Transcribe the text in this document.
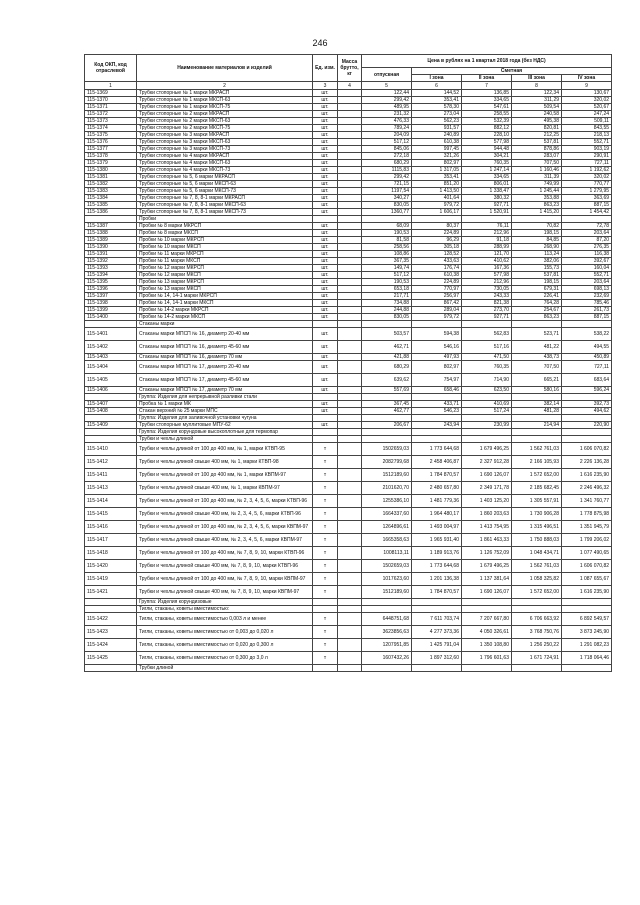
246
Код ОКП, код отраслевой	Наименование материалов и изделий	Ед. изм.	Масса брутто, кг	Цена в рублях на 1 квартал 2018 года (без НДС)				
				отпускная	Сметная			
					I зона	II зона	III зона	IV зона
1	2	3	4	5	6	7	8	9
115-1369	Трубки стопорные № 1 марки МКРАСП	шт.		122,44	144,52	136,85	122,34	130,67
115-1370	Трубки стопорные № 1 марки МКСП-63	шт.		299,42	353,41	334,65	311,29	320,02
115-1371	Трубки стопорные № 1 марки МКСП-75	шт.		489,95	578,30	547,61	509,54	520,67
115-1372	Трубки стопорные № 2 марки МКРАСП	шт.		231,32	273,04	258,55	240,58	247,24
115-1373	Трубки стопорные № 2 марки МКСП-63	шт.		476,33	562,23	532,39	495,38	509,11
115-1374	Трубки стопорные № 2 марки МКСП-75	шт.		789,24	931,57	882,12	820,81	843,55
115-1375	Трубки стопорные № 3 марки МКРАСП	шт.		204,09	240,89	228,10	212,25	218,13
115-1376	Трубки стопорные № 3 марки МКСП-63	шт.		517,12	610,38	577,98	537,81	552,71
115-1377	Трубки стопорные № 3 марки МКСП-73	шт.		845,06	997,45	944,48	878,86	903,19
115-1378	Трубки стопорные № 4 марки МКРАСП	шт.		272,18	321,26	304,21	283,07	290,91
115-1379	Трубки стопорные № 4 марки МКСП-63	шт.		680,29	802,97	760,35	707,50	727,11
115-1380	Трубки стопорные № 4 марки МКСП-73	шт.		1115,83	1 317,05	1 247,14	1 160,46	1 192,62
115-1381	Трубки стопорные № 5, 6 марки МКРАСП	шт.		299,42	353,41	334,65	311,39	320,02
115-1382	Трубки стопорные № 5, 6 марки МКСП-63	шт.		721,15	851,20	806,01	749,99	770,77
115-1383	Трубки стопорные № 5, 6 марки МКСП-73	шт.		1197,54	1 413,50	1 338,47	1 245,44	1 279,95
115-1384	Трубки стопорные № 7, 8, 8-1 марки МКРАСП	шт.		340,27	401,64	380,32	353,88	363,69
115-1385	Трубки стопорные № 7, 8, 8-1 марки МКСП-63	шт.		830,05	979,72	927,71	863,23	887,15
115-1386	Трубки стопорные № 7, 8, 8-1 марки МКСП-73	шт.		1360,77	1 606,17	1 520,91	1 415,20	1 454,42
	Пробки							
115-1387	Пробки № 8 марки МКРСП	шт.		68,09	80,37	76,11	70,82	72,78
115-1388	Пробки № 8 марки МКСП	шт.		190,53	224,89	212,96	198,15	203,64
115-1389	Пробки № 10 марки МКРСП	шт.		81,58	96,29	91,18	84,85	87,20
115-1390	Пробки № 10 марки МКСП	шт.		258,56	305,18	288,99	268,90	276,35
115-1391	Пробки № 11 марки МКРСП	шт.		108,86	128,52	121,70	113,24	116,38
115-1392	Пробки № 11 марки МКСП	шт.		367,35	433,63	410,62	382,06	392,67
115-1393	Пробки № 12 марки МКРСП	шт.		149,74	176,74	167,36	155,73	160,04
115-1394	Пробки № 12 марки МКСП	шт.		517,12	610,38	577,98	537,81	552,71
115-1395	Пробки № 13 марки МКРСП	шт.		190,53	224,89	212,96	198,15	203,64
115-1396	Пробки № 13 марки МКСП	шт.		653,18	770,97	730,05	679,31	698,13
115-1397	Пробки № 14, 14-1 марки МКРСП	шт.		217,71	256,97	243,33	226,41	232,69
115-1398	Пробки № 14, 14-1 марки МКСП	шт.		734,88	867,42	821,38	764,28	785,46
115-1399	Пробки № 14-2 марки МКРСП	шт.		244,88	289,04	273,70	254,67	261,73
115-1400	Пробки № 14-2 марки МКСП	шт.		830,05	979,72	927,71	863,23	887,15
	Стаканы марки							
115-1401	Стаканы марки МПСП № 16, диаметр 20-40 мм	шт.		503,57	594,38	562,83	523,71	538,22
115-1402	Стаканы марки МПСП № 16, диаметр 45-60 мм	шт.		462,71	546,16	517,16	481,22	494,55
115-1403	Стаканы марки МПСП № 16, диаметр 70 мм	шт.		421,88	497,93	471,50	438,73	450,89
115-1404	Стаканы марки МПСП № 17, диаметр 20-40 мм	шт.		680,29	802,97	760,35	707,50	727,11
115-1405	Стаканы марки МПСП № 17, диаметр 45-60 мм	шт.		639,62	754,97	714,90	665,21	683,64
115-1406	Стаканы марки МПСП № 17, диаметр 70 мм	шт.		557,69	658,46	623,50	580,16	596,24
	Группа: Изделия для непрерывной разливки стали							
115-1407	Пробка № 1 марки МК	шт.		367,45	433,71	410,69	382,14	392,73
115-1408	Стакан верхний № 25 марки МПС	шт.		462,77	546,23	517,24	481,28	494,62
	Группа: Изделия для заливочной установки чугуна							
115-1409	Трубки стопорные муллитовые МПУ-62	шт.		206,67	243,94	230,99	214,94	220,90
	Группа: Изделия корундовые высокоплотные для термопар							
	Трубки и чехлы длиной							
115-1410	Трубки и чехлы длиной от 100 до 400 мм, № 1, марки КТВП-95	т		1502659,03	1 773 644,68	1 679 496,25	1 562 761,03	1 606 070,82
115-1412	Трубки и чехлы длиной свыше 400 мм, № 1, марки КТВП-98	т		2082799,68	2 458 406,87	2 327 912,28	2 166 105,93	2 226 136,28
115-1411	Трубки и чехлы длиной от 100 до 400 мм, № 1, марки КВПМ-97	т		1512189,60	1 784 870,57	1 690 126,07	1 572 652,00	1 616 235,90
115-1413	Трубки и чехлы длиной свыше 400 мм, № 1, марки КВПМ-97	т		2101620,70	2 480 657,80	2 349 171,78	2 185 682,45	2 246 496,32
115-1414	Трубки и чехлы длиной от 100 до 400 мм, № 2, 3, 4, 5, 6, марки КТВП-96	т		1255386,10	1 481 779,36	1 403 125,20	1 305 557,91	1 341 760,77
115-1415	Трубки и чехлы длиной свыше 400 мм, № 2, 3, 4, 5, 6, марки КТВП-96	т		1664337,60	1 964 480,17	1 860 203,63	1 730 906,28	1 778 875,98
115-1416	Трубки и чехлы длиной от 100 до 400 мм, № 2, 3, 4, 5, 6, марки КВПМ-97	т		1264896,61	1 493 004,97	1 413 754,95	1 315 496,51	1 351 945,79
115-1417	Трубки и чехлы длиной свыше 400 мм, № 2, 3, 4, 5, 6, марки КВПМ-97	т		1665358,63	1 965 931,40	1 861 463,33	1 750 888,03	1 799 206,02
115-1418	Трубки и чехлы длиной от 100 до 400 мм, № 7, 8, 9, 10, марки КТВП-96	т		1008113,11	1 189 913,76	1 126 752,09	1 048 434,71	1 077 490,65
115-1420	Трубки и чехлы длиной свыше 400 мм, № 7, 8, 9, 10, марки КТВП-96	т		1502659,03	1 773 644,68	1 679 496,25	1 562 761,03	1 606 070,82
115-1419	Трубки и чехлы длиной от 100 до 400 мм, № 7, 8, 9, 10, марки КВПМ-97	т		1017623,60	1 201 136,38	1 137 381,64	1 058 325,82	1 087 655,67
115-1421	Трубки и чехлы длиной свыше 400 мм, № 7, 8, 9, 10, марки КВПМ-97	т		1512189,60	1 784 870,57	1 690 126,07	1 572 652,00	1 616 235,90
	Группа: Изделия корундизовые							
	Тигли, стаканы, коветы вместимостью:							
115-1422	Тигли, стаканы, коветы вместимостью 0,003 л и менее	т		6448751,68	7 611 703,74	7 207 667,80	6 706 663,92	6 892 549,57
115-1423	Тигли, стаканы, коветы вместимостью от 0,003 до 0,020 л	т		3623856,63	4 277 373,36	4 050 326,61	3 768 750,76	3 873 245,90
115-1424	Тигли, стаканы, коветы вместимостью от 0,020 до 0,300 л	т		1207951,85	1 425 791,04	1 350 108,80	1 256 250,22	1 291 082,23
115-1425	Тигли, стаканы, коветы вместимостью от 0,300 до 3,0 л	т		1607432,26	1 897 312,60	1 796 601,63	1 671 724,91	1 718 064,46
	Трубки длиной							
